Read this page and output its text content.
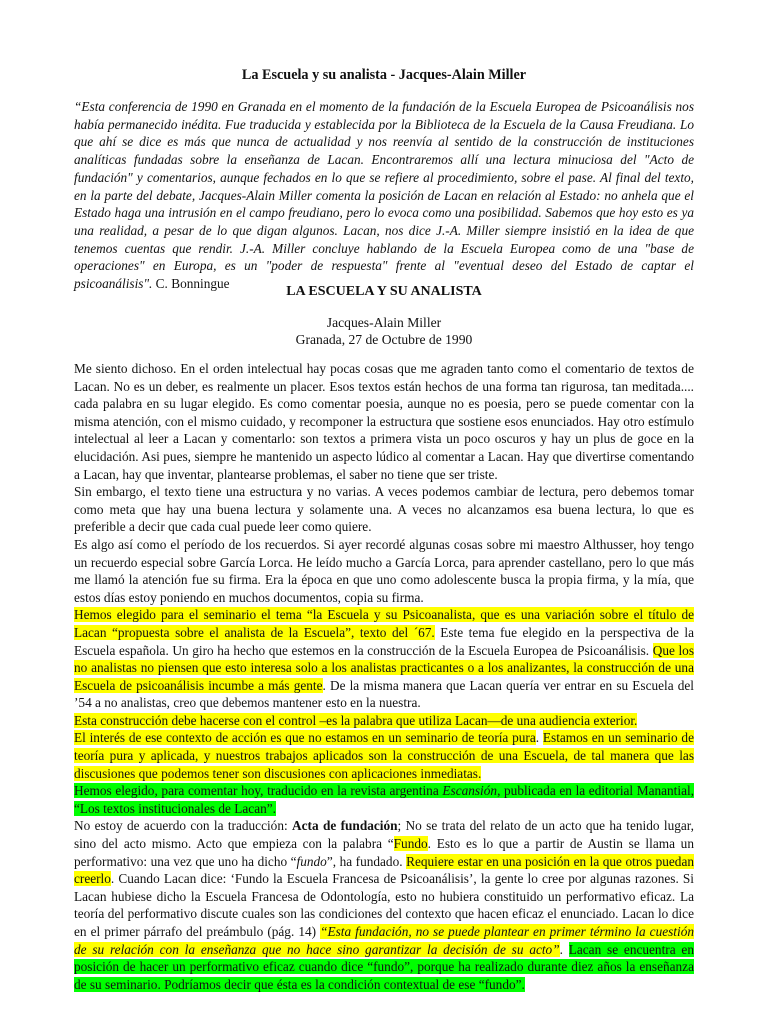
La Escuela y su analista - Jacques-Alain Miller
“Esta conferencia de 1990 en Granada en el momento de la fundación de la Escuela Europea de Psicoanálisis nos había permanecido inédita. Fue traducida y establecida por la Biblioteca de la Escuela de la Causa Freudiana. Lo que ahí se dice es más que nunca de actualidad y nos reenvía al sentido de la construcción de instituciones analíticas fundadas sobre la enseñanza de Lacan. Encontraremos allí una lectura minuciosa del "Acto de fundación" y comentarios, aunque fechados en lo que se refiere al procedimiento, sobre el pase. Al final del texto, en la parte del debate, Jacques-Alain Miller comenta la posición de Lacan en relación al Estado: no anhela que el Estado haga una intrusión en el campo freudiano, pero lo evoca como una posibilidad. Sabemos que hoy esto es ya una realidad, a pesar de lo que digan algunos. Lacan, nos dice J.-A. Miller siempre insistió en la idea de que tenemos cuentas que rendir. J.-A. Miller concluye hablando de la Escuela Europea como de una "base de operaciones" en Europa, es un "poder de respuesta" frente al "eventual deseo del Estado de captar el psicoanálisis". C. Bonningue
LA ESCUELA Y SU ANALISTA
Jacques-Alain Miller
Granada, 27 de Octubre de 1990

Me siento dichoso. En el orden intelectual hay pocas cosas que me agraden tanto como el comentario de textos de Lacan. No es un deber, es realmente un placer. Esos textos están hechos de una forma tan rigurosa, tan meditada.... cada palabra en su lugar elegido. Es como comentar poesia, aunque no es poesia, pero se puede comentar con la misma atención, con el mismo cuidado, y recomponer la estructura que sostiene esos enunciados. Hay otro estímulo intelectual al leer a Lacan y comentarlo: son textos a primera vista un poco oscuros y hay un plus de goce en la elucidación. Asi pues, siempre he mantenido un aspecto lúdico al comentar a Lacan. Hay que divertirse comentando a Lacan, hay que inventar, plantearse problemas, el saber no tiene que ser triste.

Sin embargo, el texto tiene una estructura y no varias. A veces podemos cambiar de lectura, pero debemos tomar como meta que hay una buena lectura y solamente una. A veces no alcanzamos esa buena lectura, lo que es preferible a decir que cada cual puede leer como quiere.

Es algo así como el período de los recuerdos. Si ayer recordé algunas cosas sobre mi maestro Althusser, hoy tengo un recuerdo especial sobre García Lorca. He leído mucho a García Lorca, para aprender castellano, pero lo que más me llamó la atención fue su firma. Era la época en que uno como adolescente busca la propia firma, y la mía, que estos días estoy poniendo en muchos documentos, copia su firma.

Hemos elegido para el seminario el tema “la Escuela y su Psicoanalista, que es una variación sobre el título de Lacan “propuesta sobre el analista de la Escuela”, texto del ´67. Este tema fue elegido en la perspectiva de la Escuela española. Un giro ha hecho que estemos en la construcción de la Escuela Europea de Psicoanálisis. Que los no analistas no piensen que esto interesa solo a los analistas practicantes o a los analizantes, la construcción de una Escuela de psicoanálisis incumbe a más gente. De la misma manera que Lacan quería ver entrar en su Escuela del ’54 a no analistas, creo que debemos mantener esto en la nuestra.

Esta construcción debe hacerse con el control –es la palabra que utiliza Lacan—de una audiencia exterior.

El interés de ese contexto de acción es que no estamos en un seminario de teoría pura. Estamos en un seminario de teoría pura y aplicada, y nuestros trabajos aplicados son la construcción de una Escuela, de tal manera que las discusiones que podemos tener son discusiones con aplicaciones inmediatas.

Hemos elegido, para comentar hoy, traducido en la revista argentina Escansión, publicada en la editorial Manantial, “Los textos institucionales de Lacan”.

No estoy de acuerdo con la traducción: Acta de fundación; No se trata del relato de un acto que ha tenido lugar, sino del acto mismo. Acto que empieza con la palabra “Fundo. Esto es lo que a partir de Austin se llama un performativo: una vez que uno ha dicho “fundo”, ha fundado. Requiere estar en una posición en la que otros puedan creerlo. Cuando Lacan dice: ‘Fundo la Escuela Francesa de Psicoanálisis’, la gente lo cree por algunas razones. Si Lacan hubiese dicho la Escuela Francesa de Odontología, esto no hubiera constituido un performativo eficaz. La teoría del performativo discute cuales son las condiciones del contexto que hacen eficaz el enunciado. Lacan lo dice en el primer párrafo del preámbulo (pág. 14) “Esta fundación, no se puede plantear en primer término la cuestión de su relación con la enseñanza que no hace sino garantizar la decisión de su acto”. Lacan se encuentra en posición de hacer un performativo eficaz cuando dice “fundo”, porque ha realizado durante diez años la enseñanza de su seminario. Podríamos decir que ésta es la condición contextual de ese “fundo”.
